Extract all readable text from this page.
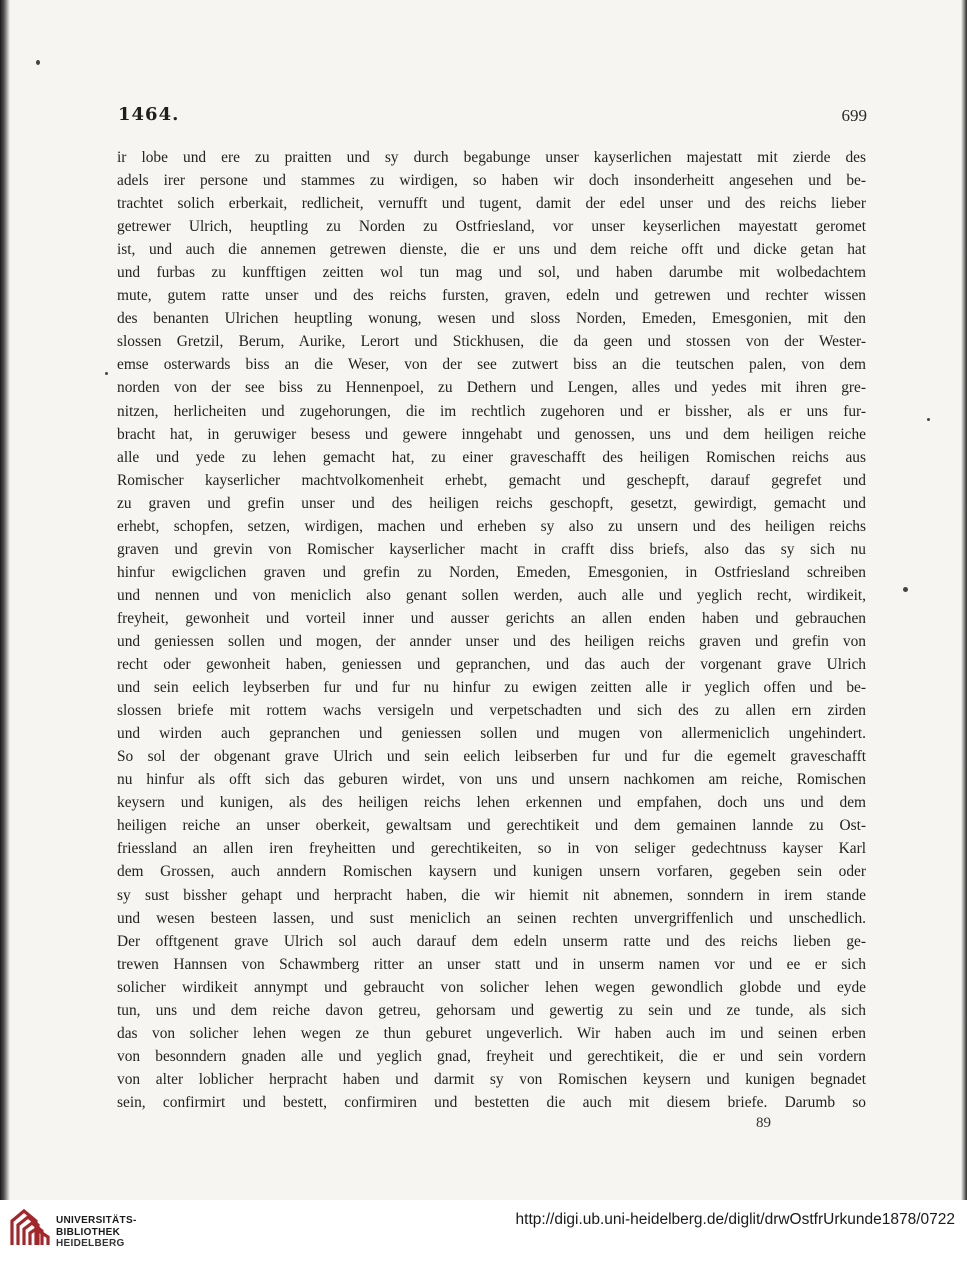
1464.	699
ir lobe und ere zu praitten und sy durch begabunge unser kayserlichen majestatt mit zierde des
adels irer persone und stammes zu wirdigen, so haben wir doch insonderheitt angesehen und be-
trachtet solich erberkait, redlicheit, vernufft und tugent, damit der edel unser und des reichs lieber
getrewer Ulrich, heuptling zu Norden zu Ostfriesland, vor unser keyserlichen mayestatt geromet
ist, und auch die annemen getrewen dienste, die er uns und dem reiche offt und dicke getan hat
und furbas zu kunfftigen zeitten wol tun mag und sol, und haben darumbe mit wolbedachtem
mute, gutem ratte unser und des reichs fursten, graven, edeln und getrewen und rechter wissen
des benanten Ulrichen heuptling wonung, wesen und sloss Norden, Emeden, Emesgonien, mit den
slossen Gretzil, Berum, Aurike, Lerort und Stickhusen, die da geen und stossen von der Wester-
emse osterwards biss an die Weser, von der see zutwert biss an die teutschen palen, von dem
norden von der see biss zu Hennenpoel, zu Dethern und Lengen, alles und yedes mit ihren gre-
nitzen, herlicheiten und zugehorungen, die im rechtlich zugehoren und er bissher, als er uns fur-
bracht hat, in geruwiger besess und gewere inngehabt und genossen, uns und dem heiligen reiche
alle und yede zu lehen gemacht hat, zu einer graveschafft des heiligen Romischen reichs aus
Romischer kayserlicher machtvolkomenheit erhebt, gemacht und geschepft, darauf gegrefet und
zu graven und grefin unser und des heiligen reichs geschopft, gesetzt, gewirdigt, gemacht und
erhebt, schopfen, setzen, wirdigen, machen und erheben sy also zu unsern und des heiligen reichs
graven und grevin von Romischer kayserlicher macht in crafft diss briefs, also das sy sich nu
hinfur ewigclichen graven und grefin zu Norden, Emeden, Emesgonien, in Ostfriesland schreiben
und nennen und von meniclich also genant sollen werden, auch alle und yeglich recht, wirdikeit,
freyheit, gewonheit und vorteil inner und ausser gerichts an allen enden haben und gebrauchen
und geniessen sollen und mogen, der annder unser und des heiligen reichs graven und grefin von
recht oder gewonheit haben, geniessen und gepranchen, und das auch der vorgenant grave Ulrich
und sein eelich leybserben fur und fur nu hinfur zu ewigen zeitten alle ir yeglich offen und be-
slossen briefe mit rottem wachs versigeln und verpetschadten und sich des zu allen ern zirden
und wirden auch gepranchen und geniessen sollen und mugen von allermeniclich ungehindert.
So sol der obgenant grave Ulrich und sein eelich leibserben fur und fur die egemelt graveschafft
nu hinfur als offt sich das geburen wirdet, von uns und unsern nachkomen am reiche, Romischen
keysern und kunigen, als des heiligen reichs lehen erkennen und empfahen, doch uns und dem
heiligen reiche an unser oberkeit, gewaltsam und gerechtikeit und dem gemainen lannde zu Ost-
friessland an allen iren freyheitten und gerechtikeiten, so in von seliger gedechtnuss kayser Karl
dem Grossen, auch anndern Romischen kaysern und kunigen unsern vorfaren, gegeben sein oder
sy sust bissher gehapt und herpracht haben, die wir hiemit nit abnemen, sonndern in irem stande
und wesen besteen lassen, und sust meniclich an seinen rechten unvergriffenlich und unschedlich.
Der offtgenent grave Ulrich sol auch darauf dem edeln unserm ratte und des reichs lieben ge-
trewen Hannsen von Schawmberg ritter an unser statt und in unserm namen vor und ee er sich
solicher wirdikeit annympt und gebraucht von solicher lehen wegen gewondlich globde und eyde
tun, uns und dem reiche davon getreu, gehorsam und gewertig zu sein und ze tunde, als sich
das von solicher lehen wegen ze thun geburet ungeverlich. Wir haben auch im und seinen erben
von besonndern gnaden alle und yeglich gnad, freyheit und gerechtikeit, die er und sein vordern
von alter loblicher herpracht haben und darmit sy von Romischen keysern und kunigen begnadet
sein, confirmirt und bestett, confirmiren und bestetten die auch mit diesem briefe. Darumb so
89
UNIVERSITÄTS-
BIBLIOTHEK
HEIDELBERG
http://digi.ub.uni-heidelberg.de/diglit/drwOstfrUrkunde1878/0722
